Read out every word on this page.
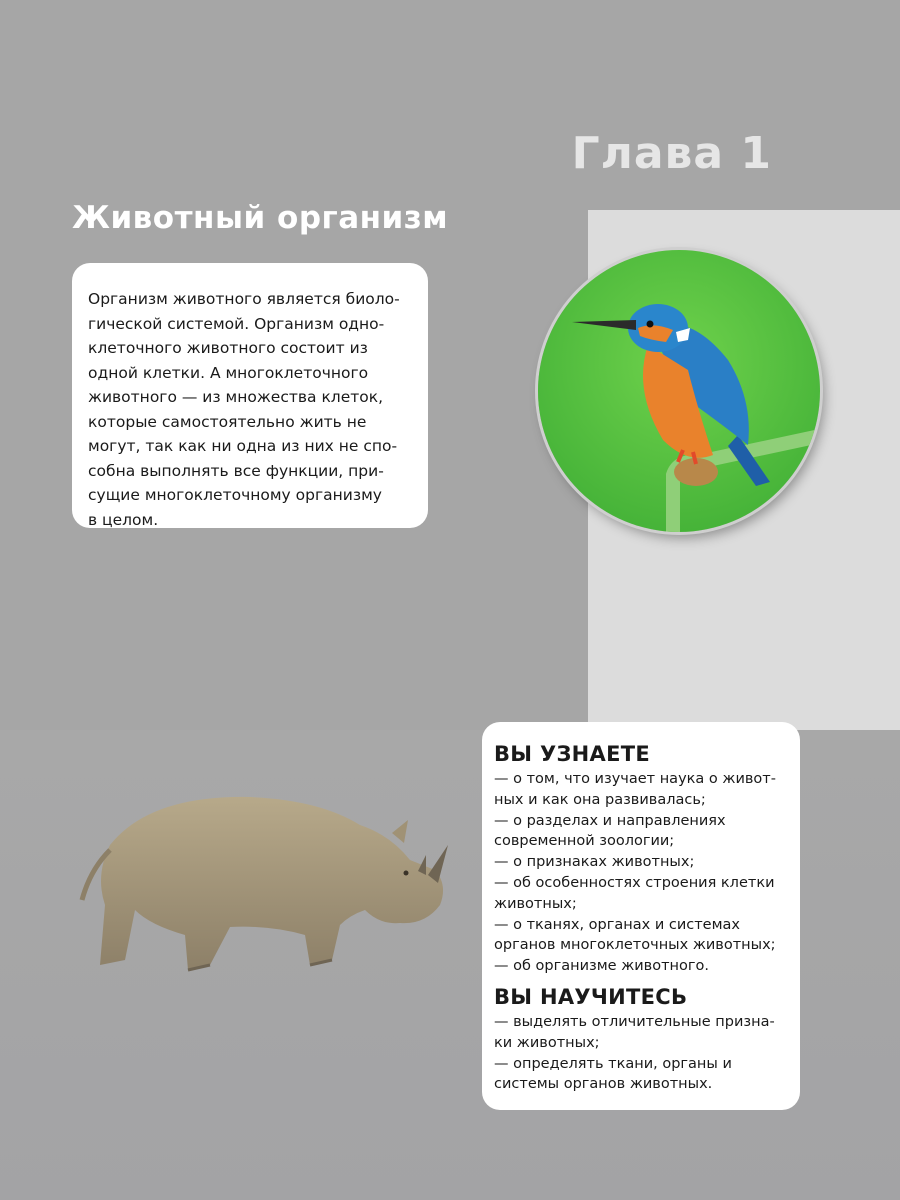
Глава 1
Животный организм

Организм животного является биоло-
гической системой. Организм одно-
клеточного животного состоит из
одной клетки. А многоклеточного
животного — из множества клеток,
которые самостоятельно жить не
могут, так как ни одна из них не спо-
собна выполнять все функции, при-
сущие многоклеточному организму
в целом.

ВЫ УЗНАЕТЕ

— о том, что изучает наука о живот-
ных и как она развивалась;

— о разделах и направлениях
современной зоологии;

— о признаках животных;

— об особенностях строения клетки
животных;

— о тканях, органах и системах
органов многоклеточных животных;

— об организме животного.

ВЫ НАУЧИТЕСЬ

— выделять отличительные призна-
ки животных;

— определять ткани, органы и
системы органов животных.
